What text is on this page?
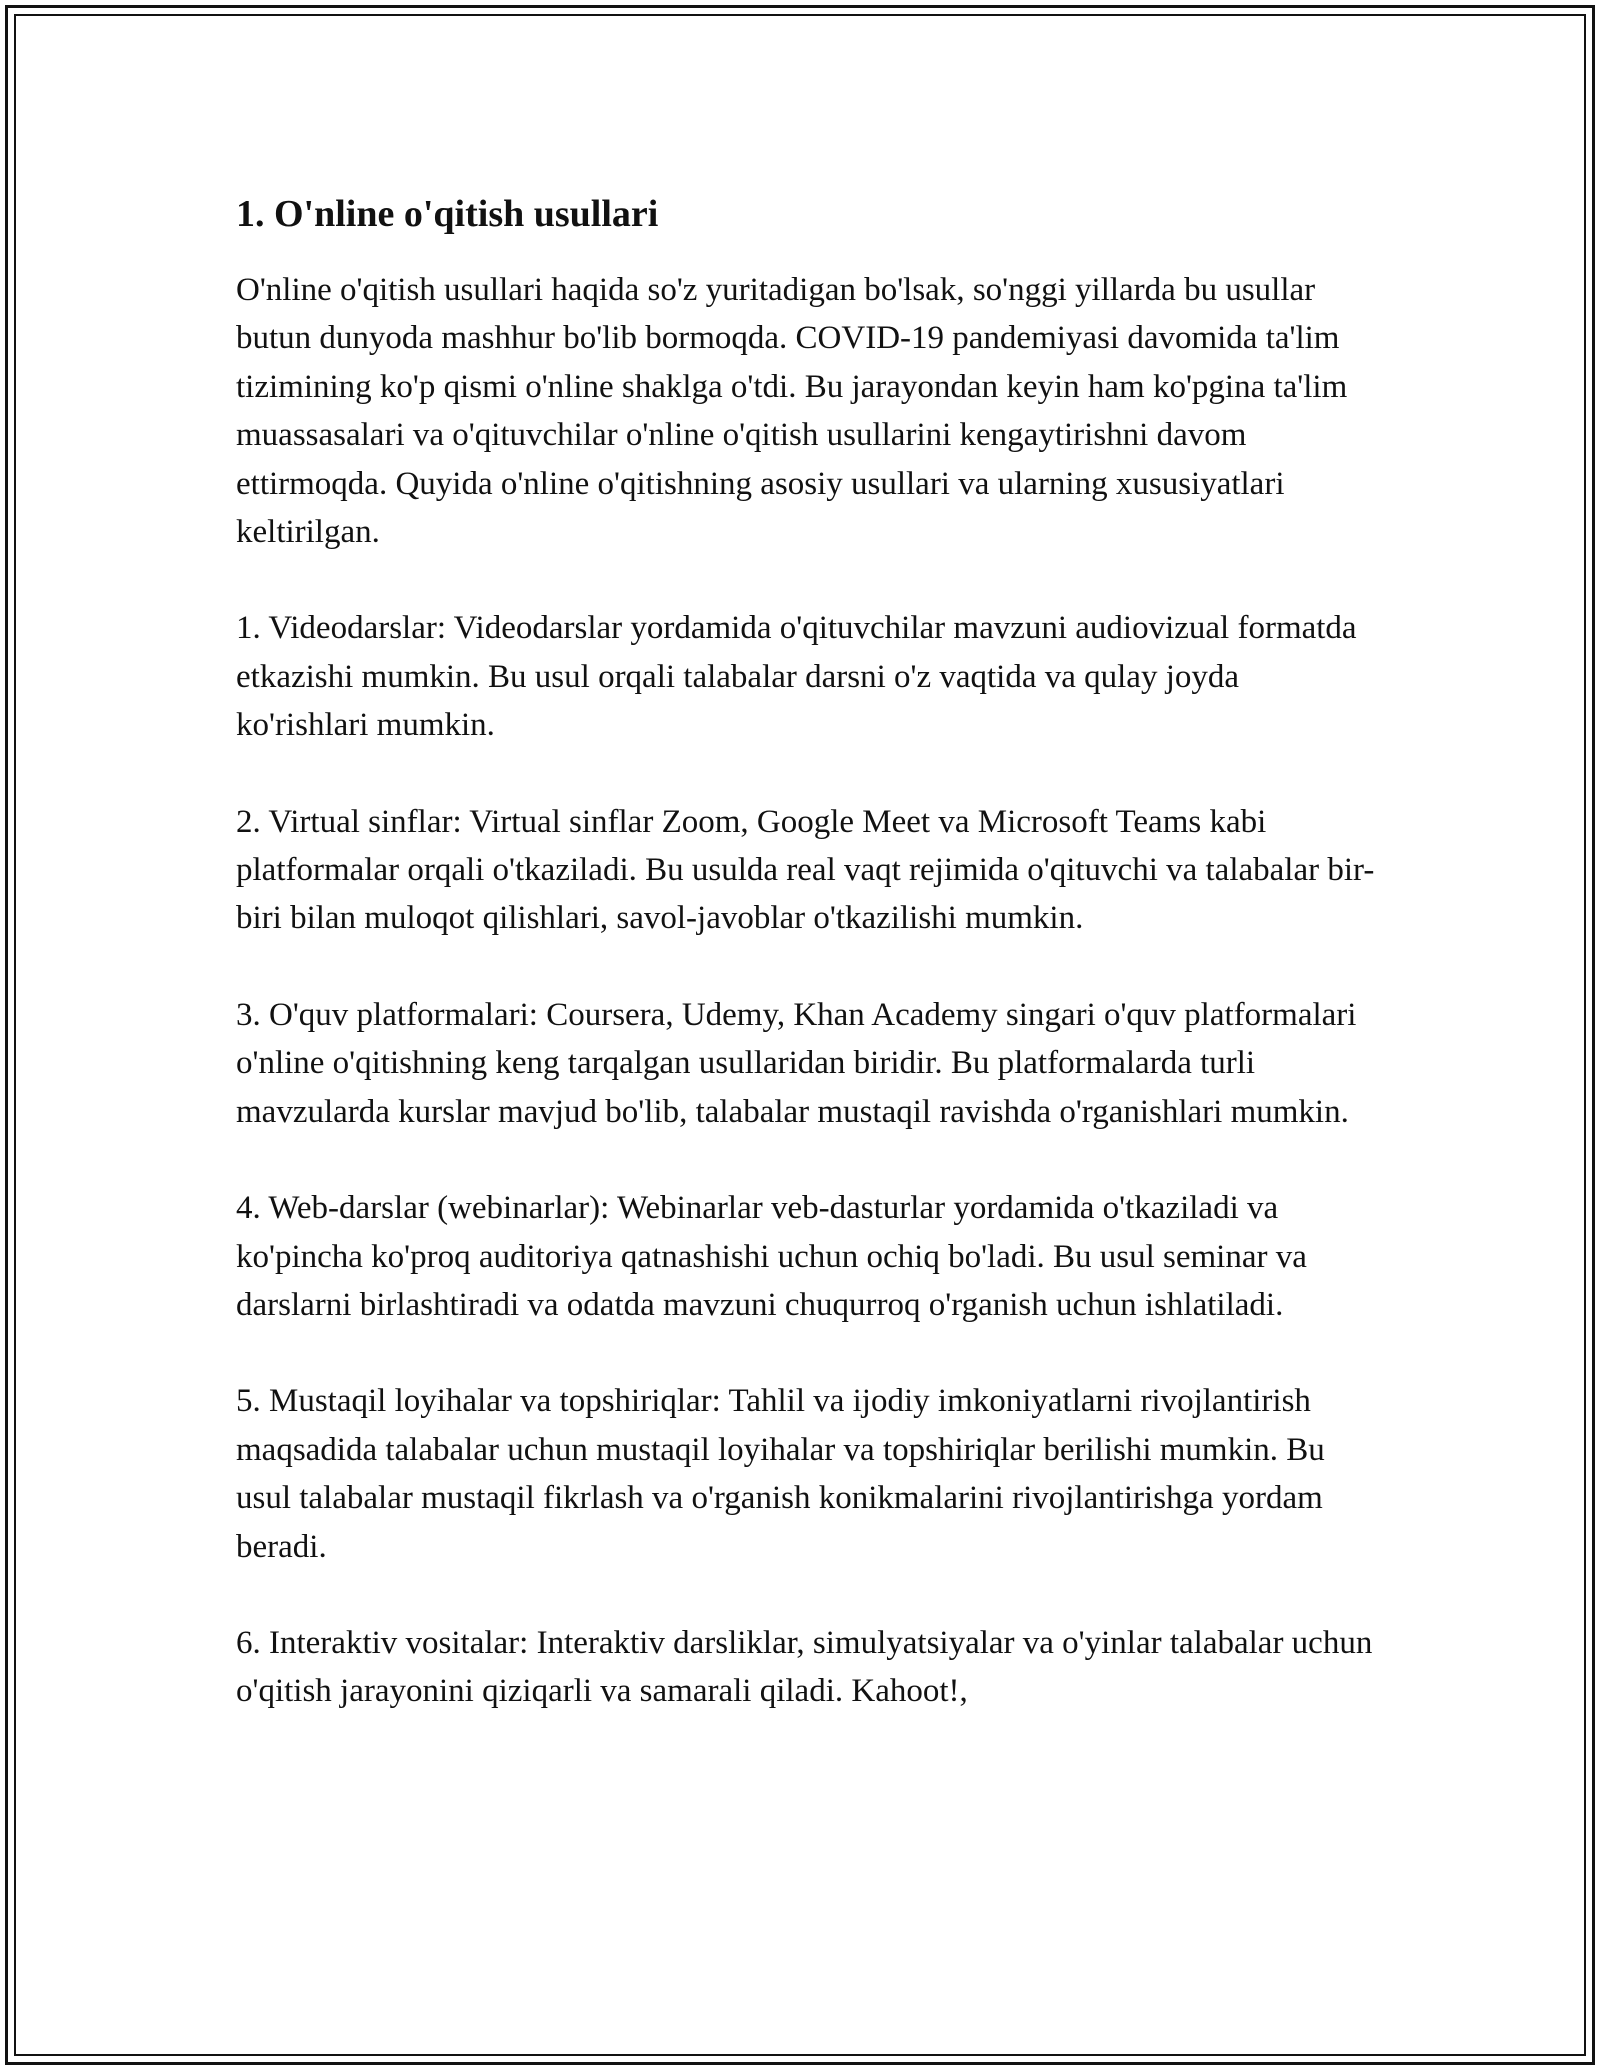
1. O'nline o'qitish usullari

O'nline o'qitish usullari haqida so'z yuritadigan bo'lsak, so'nggi yillarda bu usullar butun dunyoda mashhur bo'lib bormoqda. COVID-19 pandemiyasi davomida ta'lim tizimining ko'p qismi o'nline shaklga o'tdi. Bu jarayondan keyin ham ko'pgina ta'lim muassasalari va o'qituvchilar o'nline o'qitish usullarini kengaytirishni davom ettirmoqda. Quyida o'nline o'qitishning asosiy usullari va ularning xususiyatlari keltirilgan.

1. Videodarslar: Videodarslar yordamida o'qituvchilar mavzuni audiovizual formatda etkazishi mumkin. Bu usul orqali talabalar darsni o'z vaqtida va qulay joyda ko'rishlari mumkin.

2. Virtual sinflar: Virtual sinflar Zoom, Google Meet va Microsoft Teams kabi platformalar orqali o'tkaziladi. Bu usulda real vaqt rejimida o'qituvchi va talabalar bir-biri bilan muloqot qilishlari, savol-javoblar o'tkazilishi mumkin.

3. O'quv platformalari: Coursera, Udemy, Khan Academy singari o'quv platformalari o'nline o'qitishning keng tarqalgan usullaridan biridir. Bu platformalarda turli mavzularda kurslar mavjud bo'lib, talabalar mustaqil ravishda o'rganishlari mumkin.

4. Web-darslar (webinarlar): Webinarlar veb-dasturlar yordamida o'tkaziladi va ko'pincha ko'proq auditoriya qatnashishi uchun ochiq bo'ladi. Bu usul seminar va darslarni birlashtiradi va odatda mavzuni chuqurroq o'rganish uchun ishlatiladi.

5. Mustaqil loyihalar va topshiriqlar: Tahlil va ijodiy imkoniyatlarni rivojlantirish maqsadida talabalar uchun mustaqil loyihalar va topshiriqlar berilishi mumkin. Bu usul talabalar mustaqil fikrlash va o'rganish konikmalarini rivojlantirishga yordam beradi.

6. Interaktiv vositalar: Interaktiv darsliklar, simulyatsiyalar va o'yinlar talabalar uchun o'qitish jarayonini qiziqarli va samarali qiladi. Kahoot!,
